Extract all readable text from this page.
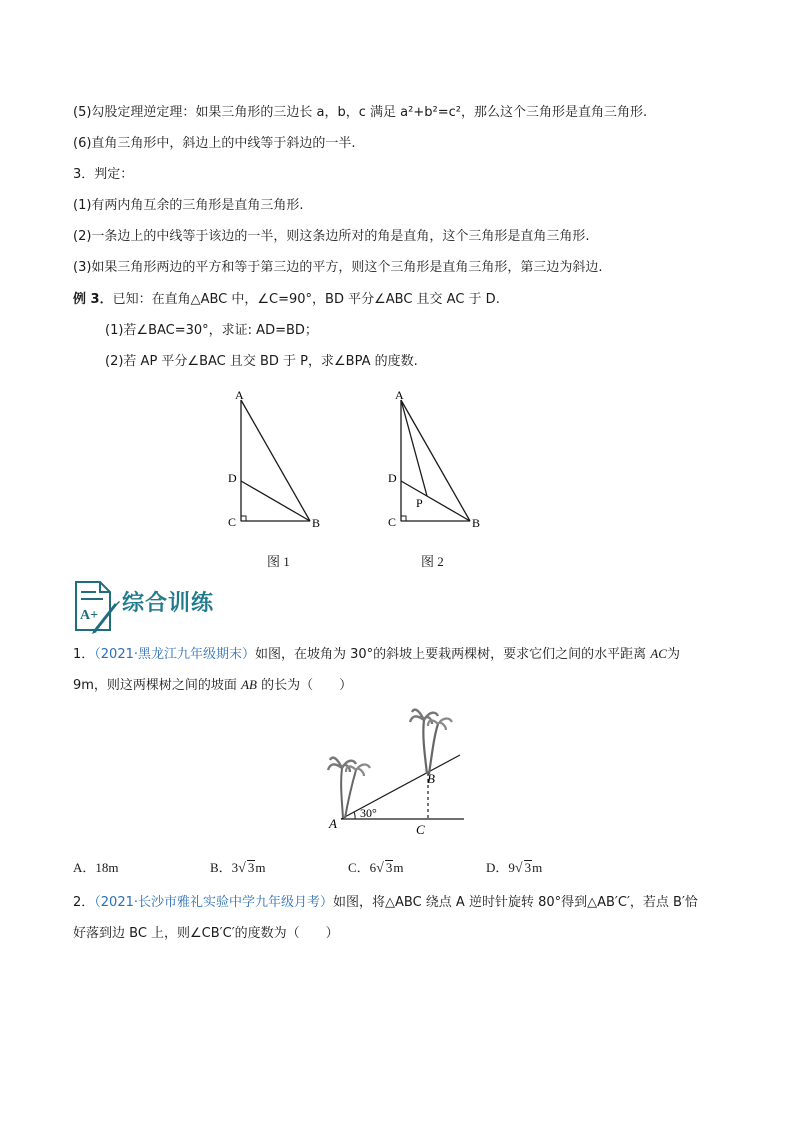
(5)勾股定理逆定理：如果三角形的三边长 a，b，c 满足 a²+b²=c²，那么这个三角形是直角三角形.
(6)直角三角形中，斜边上的中线等于斜边的一半.
3．判定：
(1)有两内角互余的三角形是直角三角形.
(2)一条边上的中线等于该边的一半，则这条边所对的角是直角，这个三角形是直角三角形.
(3)如果三角形两边的平方和等于第三边的平方，则这个三角形是直角三角形，第三边为斜边.
例 3．已知：在直角△ABC 中，∠C=90°，BD 平分∠ABC 且交 AC 于 D.
(1)若∠BAC=30°，求证: AD=BD；
(2)若 AP 平分∠BAC 且交 BD 于 P，求∠BPA 的度数.
A
D
C	B
图 1
A
D
P
C	B
图 2
A+ 综合训练
1．（2021·黑龙江九年级期末）如图，在坡角为 30°的斜坡上要栽两棵树，要求它们之间的水平距离 AC为
9m，则这两棵树之间的坡面 AB 的长为（　　）
30°
A
B
C
A．18m	B．3√ 3m	C．6√ 3m	D．9√ 3m
2．（2021·长沙市雅礼实验中学九年级月考）如图，将△ABC 绕点 A 逆时针旋转 80°得到△AB′C′，若点 B′恰
好落到边 BC 上，则∠CB′C′的度数为（　　）
